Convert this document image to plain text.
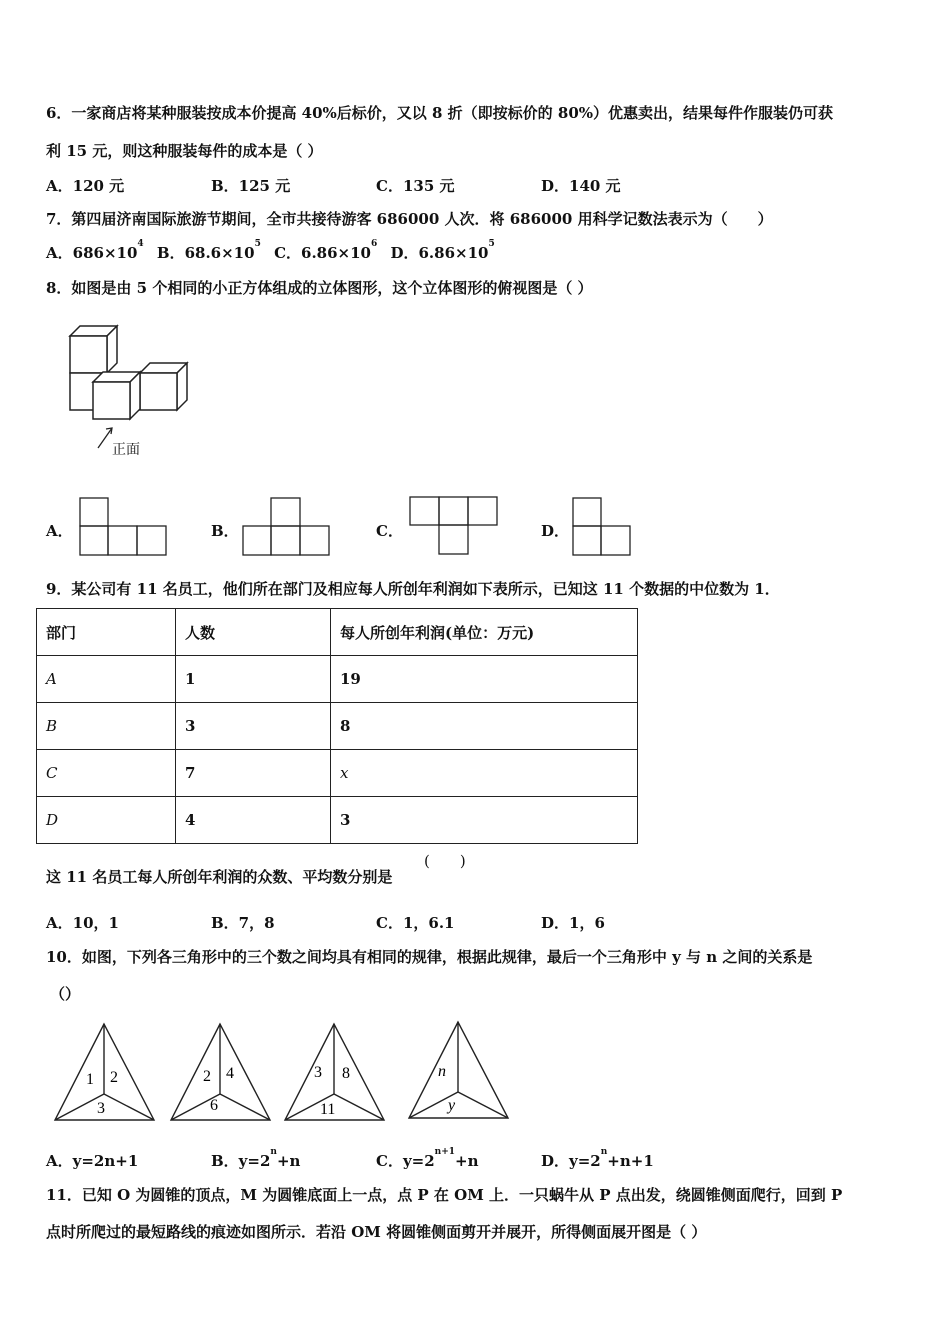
6．一家商店将某种服装按成本价提高 40%后标价，又以 8 折（即按标价的 80%）优惠卖出，结果每件作服装仍可获
利 15 元，则这种服装每件的成本是（ ）
A．120 元	B．125 元	C．135 元	D．140 元
7．第四届济南国际旅游节期间，全市共接待游客 686000 人次．将 686000 用科学记数法表示为（　　）
A．$686\times 10^4$ B．$68.6\times 10^5$ C．$6.86\times 10^6$ D．$6.86\times 10^5$
8．如图是由 5 个相同的小正方体组成的立体图形，这个立体图形的俯视图是（ ）
正面
A．	B．	C．	D．
9．某公司有 11 名员工，他们所在部门及相应每人所创年利润如下表所示，已知这 11 个数据的中位数为 1．
部门	人数	每人所创年利润(单位：万元)
A	1	19
B	3	8
C	7	x
D	4	3
这 11 名员工每人所创年利润的众数、平均数分别是
(　　)
A．10，1	B．7，8	C．1，6.1	D．1，6
10．如图，下列各三角形中的三个数之间均具有相同的规律，根据此规律，最后一个三角形中 y 与 n 之间的关系是
（）
1 2
3
2 4
6
3 8
11
n
y
A．y=2n+1	B．$y=2^n+n$	C．$y=2^{n+1}+n$	D．$y=2^n+n+1$
11．已知 O 为圆锥的顶点，M 为圆锥底面上一点，点 P 在 OM 上．一只蜗牛从 P 点出发，绕圆锥侧面爬行，回到 P
点时所爬过的最短路线的痕迹如图所示．若沿 OM 将圆锥侧面剪开并展开，所得侧面展开图是（ ）
